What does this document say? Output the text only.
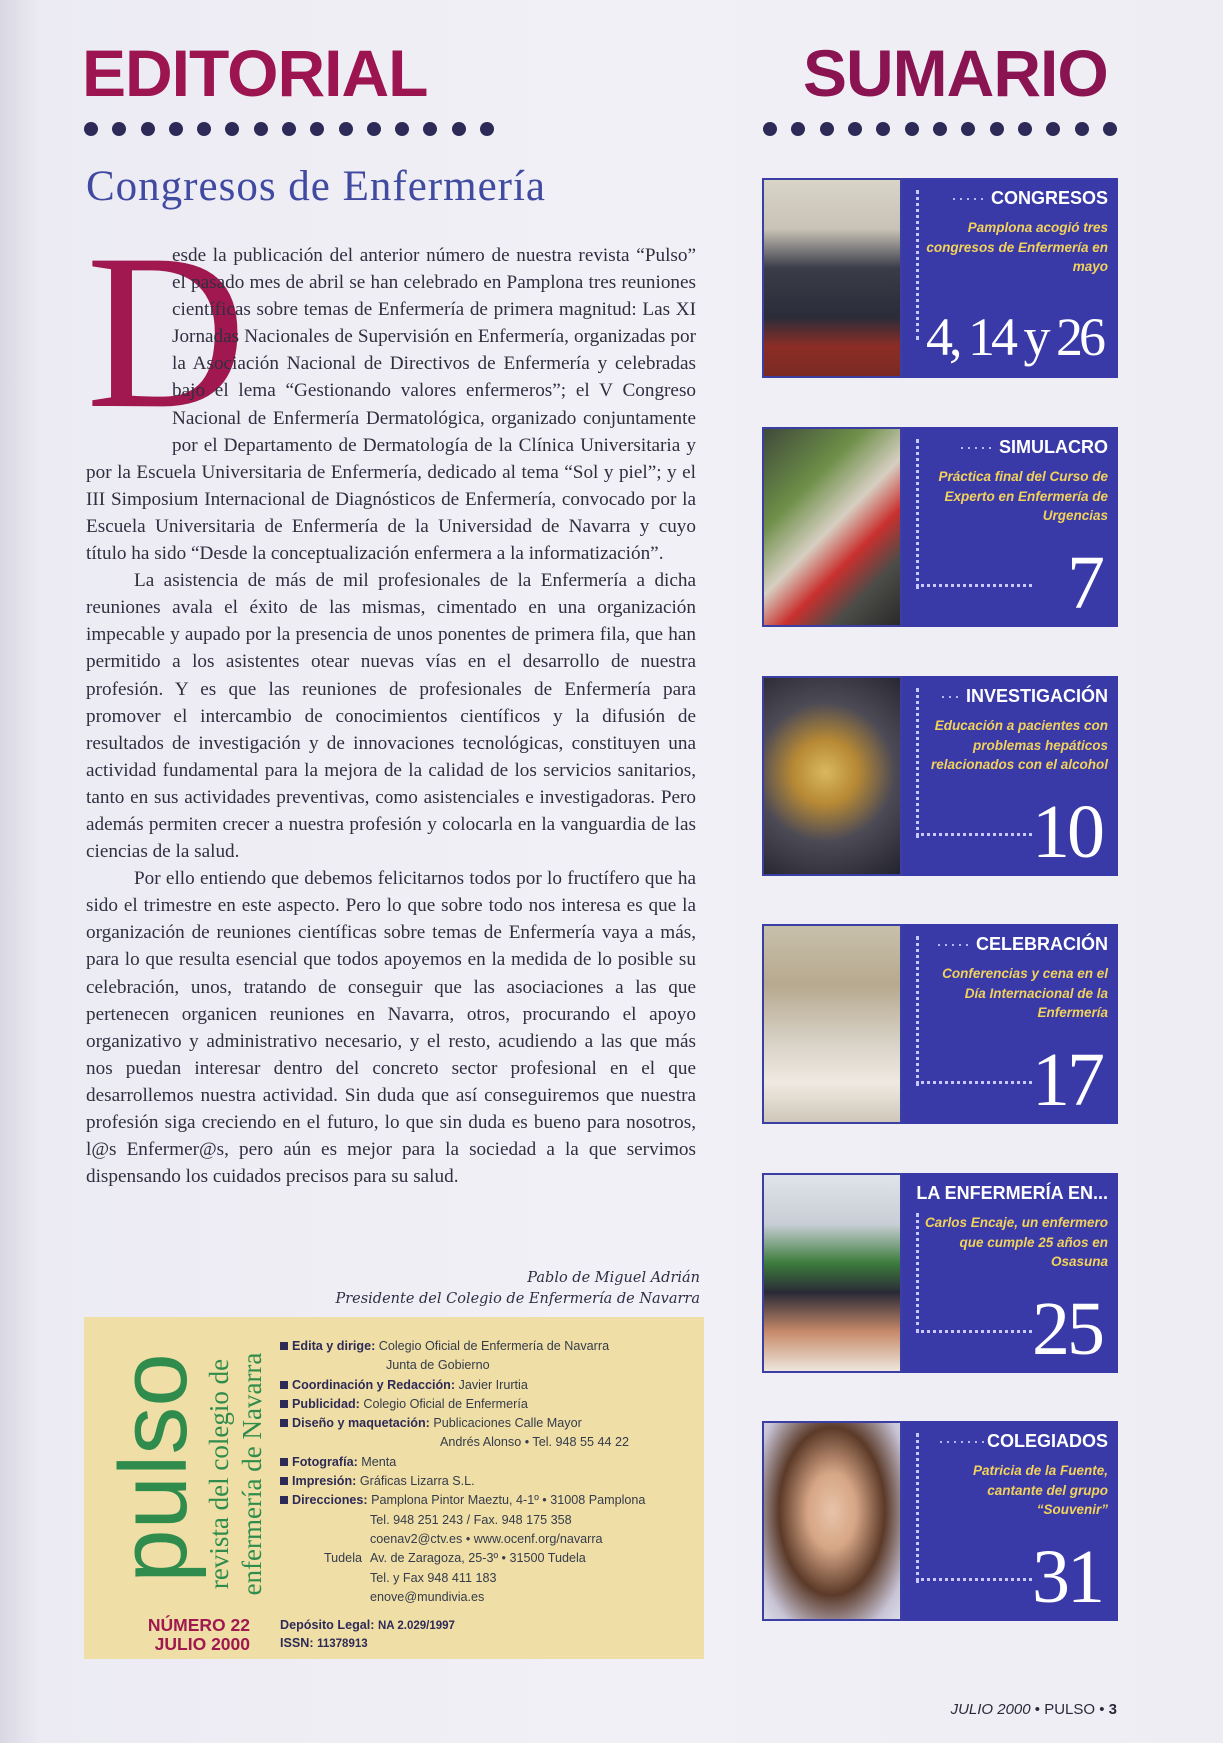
EDITORIAL
Congresos de Enfermería
D

esde la publicación del anterior número de nuestra revista “Pulso” el pasado mes de abril se han celebrado en Pamplona tres reuniones científicas sobre temas de Enfermería de primera magnitud: Las XI Jornadas Nacionales de Supervisión en Enfermería, organizadas por la Asociación Nacional de Directivos de Enfermería y celebradas bajo el lema “Gestionando valores enfermeros”; el V Congreso Nacional de Enfermería Dermatológica, organizado conjuntamente por el Departamento de Dermatología de la Clínica Universitaria y por la Escuela Universitaria de Enfermería, dedicado al tema “Sol y piel”; y el III Simposium Internacional de Diagnósticos de Enfermería, convocado por la Escuela Universitaria de Enfermería de la Universidad de Navarra y cuyo título ha sido “Desde la conceptualización enfermera a la informatización”.

La asistencia de más de mil profesionales de la Enfermería a dicha reuniones avala el éxito de las mismas, cimentado en una organización impecable y aupado por la presencia de unos ponentes de primera fila, que han permitido a los asistentes otear nuevas vías en el desarrollo de nuestra profesión. Y es que las reuniones de profesionales de Enfermería para promover el intercambio de conocimientos científicos y la difusión de resultados de investigación y de innovaciones tecnológicas, constituyen una actividad fundamental para la mejora de la calidad de los servicios sanitarios, tanto en sus actividades preventivas, como asistenciales e investigadoras. Pero además permiten crecer a nuestra profesión y colocarla en la vanguardia de las ciencias de la salud.

Por ello entiendo que debemos felicitarnos todos por lo fructífero que ha sido el trimestre en este aspecto. Pero lo que sobre todo nos interesa es que la organización de reuniones científicas sobre temas de Enfermería vaya a más, para lo que resulta esencial que todos apoyemos en la medida de lo posible su celebración, unos, tratando de conseguir que las asociaciones a las que pertenecen organicen reuniones en Navarra, otros, procurando el apoyo organizativo y administrativo necesario, y el resto, acudiendo a las que más nos puedan interesar dentro del concreto sector profesional en el que desarrollemos nuestra actividad. Sin duda que así conseguiremos que nuestra profesión siga creciendo en el futuro, lo que sin duda es bueno para nosotros, l@s Enfermer@s, pero aún es mejor para la sociedad a la que servimos dispensando los cuidados precisos para su salud.

Pablo de Miguel Adrián
Presidente del Colegio de Enfermería de Navarra
pulso
revista del colegio de enfermería de Navarra
NÚMERO 22
JULIO 2000
Edita y dirige: Colegio Oficial de Enfermería de Navarra
Junta de Gobierno
Coordinación y Redacción: Javier Irurtia
Publicidad: Colegio Oficial de Enfermería
Diseño y maquetación: Publicaciones Calle Mayor
Andrés Alonso • Tel. 948 55 44 22
Fotografía: Menta
Impresión: Gráficas Lizarra S.L.
Direcciones: Pamplona Pintor Maeztu, 4-1º • 31008 Pamplona
Tel. 948 251 243 / Fax. 948 175 358
coenav2@ctv.es • www.ocenf.org/navarra
Tudela Av. de Zaragoza, 25-3º • 31500 Tudela
Tel. y Fax 948 411 183
enove@mundivia.es
Depósito Legal: NA 2.029/1997
ISSN: 11378913
SUMARIO
····· CONGRESOS
Pamplona acogió tres congresos de Enfermería en mayo
4, 14 y 26
····· SIMULACRO
Práctica final del Curso de Experto en Enfermería de Urgencias
7
··· INVESTIGACIÓN
Educación a pacientes con problemas hepáticos relacionados con el alcohol
10
····· CELEBRACIÓN
Conferencias y cena en el Día Internacional de la Enfermería
17
LA ENFERMERÍA EN...
Carlos Encaje, un enfermero que cumple 25 años en Osasuna
25
·······COLEGIADOS
Patricia de la Fuente, cantante del grupo “Souvenir”
31
JULIO 2000 • PULSO • 3
